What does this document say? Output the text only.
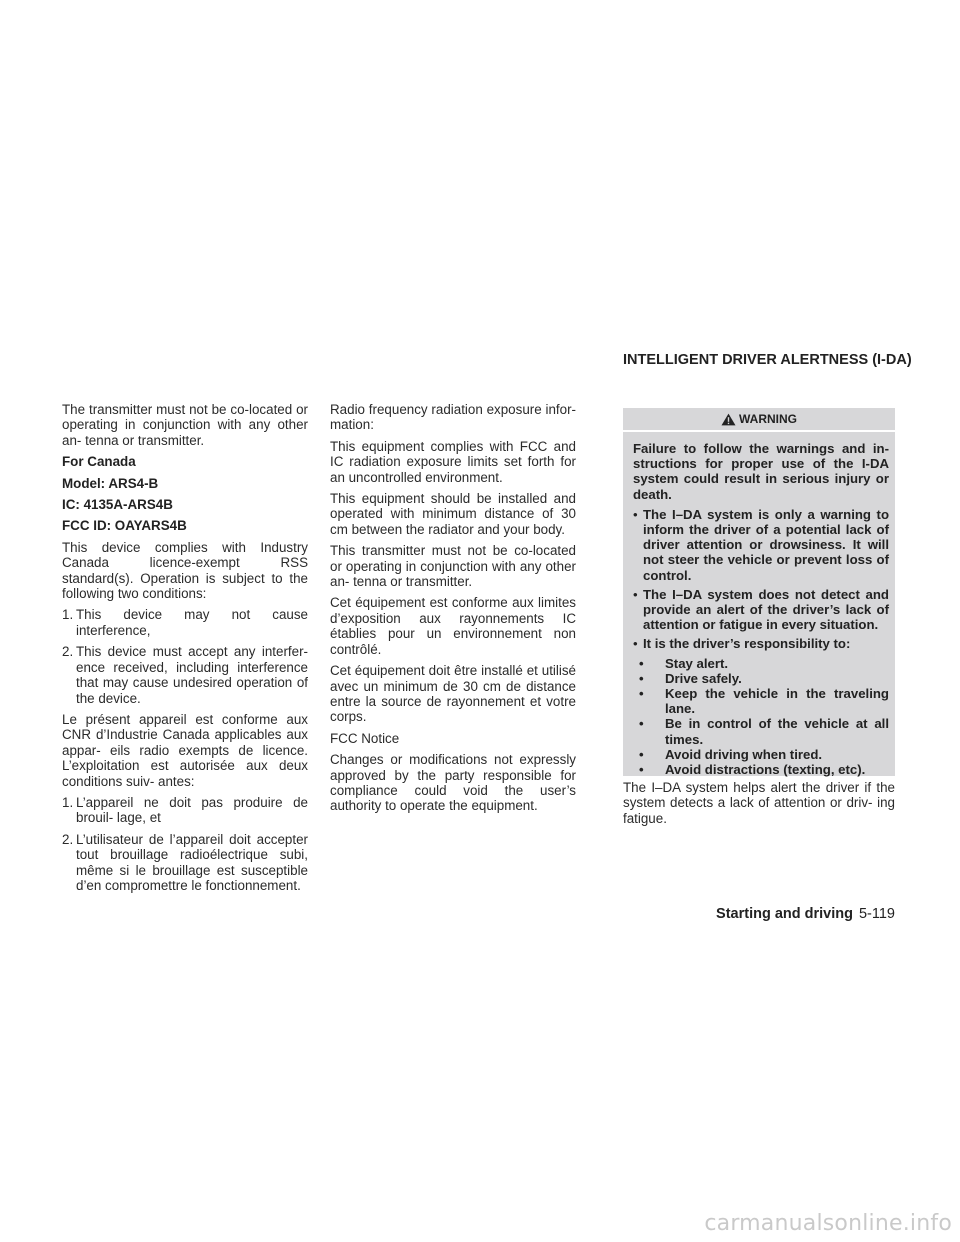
The transmitter must not be co-located or operating in conjunction with any other an- tenna or transmitter.

For Canada

Model: ARS4-B

IC: 4135A-ARS4B

FCC ID: OAYARS4B

This device complies with Industry Canada licence-exempt RSS standard(s). Operation is subject to the following two conditions:

1. This device may not cause interference,
2. This device must accept any interfer- ence received, including interference that may cause undesired operation of the device.

Le présent appareil est conforme aux CNR d’Industrie Canada applicables aux appar- eils radio exempts de licence. L’exploitation est autorisée aux deux conditions suiv- antes:

1. L’appareil ne doit pas produire de brouil- lage, et
2. L’utilisateur de l’appareil doit accepter tout brouillage radioélectrique subi, même si le brouillage est susceptible d’en compromettre le fonctionnement.

Radio frequency radiation exposure infor- mation:

This equipment complies with FCC and IC radiation exposure limits set forth for an uncontrolled environment.

This equipment should be installed and operated with minimum distance of 30 cm between the radiator and your body.

This transmitter must not be co-located or operating in conjunction with any other an- tenna or transmitter.

Cet équipement est conforme aux limites d’exposition aux rayonnements IC établies pour un environnement non contrôlé.

Cet équipement doit être installé et utilisé avec un minimum de 30 cm de distance entre la source de rayonnement et votre corps.

FCC Notice

Changes or modifications not expressly approved by the party responsible for compliance could void the user’s authority to operate the equipment.

INTELLIGENT DRIVER ALERTNESS (I-DA)
WARNING

Failure to follow the warnings and in- structions for proper use of the I-DA system could result in serious injury or death.

• The I–DA system is only a warning to inform the driver of a potential lack of driver attention or drowsiness. It will not steer the vehicle or prevent loss of control.
• The I–DA system does not detect and provide an alert of the driver’s lack of attention or fatigue in every situation.
• It is the driver’s responsibility to:
• Stay alert.
• Drive safely.
• Keep the vehicle in the traveling lane.
• Be in control of the vehicle at all times.
• Avoid driving when tired.
• Avoid distractions (texting, etc).

The I–DA system helps alert the driver if the system detects a lack of attention or driv- ing fatigue.

Starting and driving 5-119
carmanualsonline.info
